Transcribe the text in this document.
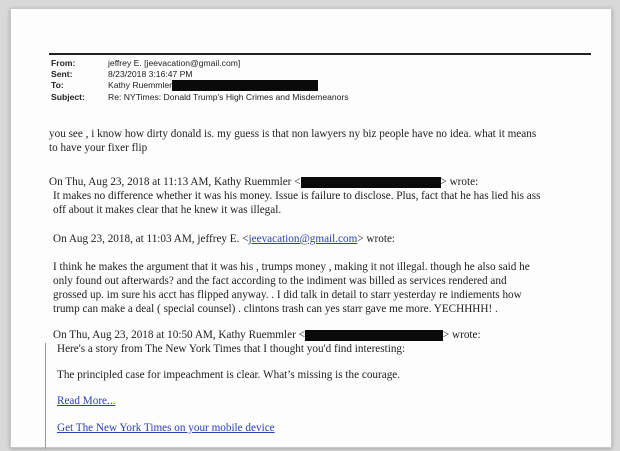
From:	jeffrey E. [jeevacation@gmail.com]
Sent:	8/23/2018 3:16:47 PM
To:	Kathy Ruemmler
Subject:	Re: NYTimes: Donald Trump's High Crimes and Misdemeanors
you see , i know how dirty donald is. my guess is that non lawyers ny biz people have no idea. what it means
to have your fixer flip
On Thu, Aug 23, 2018 at 11:13 AM, Kathy Ruemmler <	> wrote:
It makes no difference whether it was his money. Issue is failure to disclose. Plus, fact that he has lied his ass
off about it makes clear that he knew it was illegal.
On Aug 23, 2018, at 11:03 AM, jeffrey E. <jeevacation@gmail.com> wrote:
I think he makes the argument that it was his , trumps money , making it not illegal. though he also said he
only found out afterwards? and the fact according to the indiment was billed as services rendered and
grossed up. im sure his acct has flipped anyway. . I did talk in detail to starr yesterday re indiements how
trump can make a deal ( special counsel) . clintons trash can yes starr gave me more. YECHHHH! .
On Thu, Aug 23, 2018 at 10:50 AM, Kathy Ruemmler <	> wrote:
Here's a story from The New York Times that I thought you'd find interesting:
The principled case for impeachment is clear. What’s missing is the courage.
Read More...
Get The New York Times on your mobile device
